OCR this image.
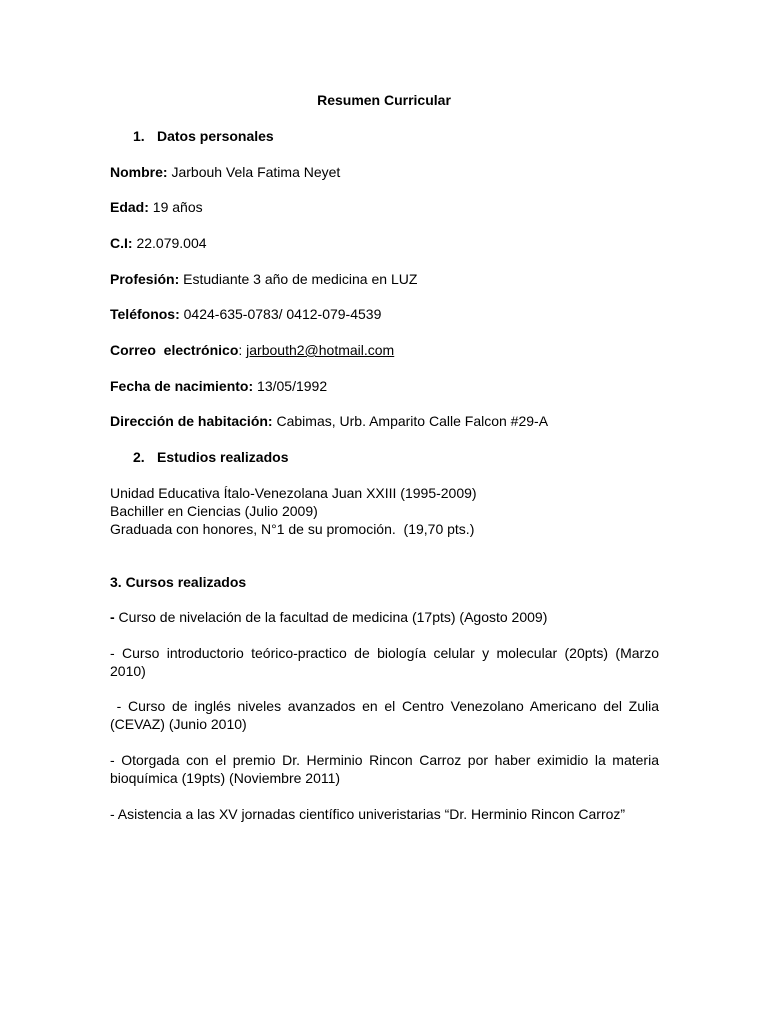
Resumen Curricular
1. Datos personales
Nombre: Jarbouh Vela Fatima Neyet
Edad: 19 años
C.I: 22.079.004
Profesión: Estudiante 3 año de medicina en LUZ
Teléfonos: 0424-635-0783/ 0412-079-4539
Correo  electrónico: jarbouth2@hotmail.com
Fecha de nacimiento: 13/05/1992
Dirección de habitación: Cabimas, Urb. Amparito Calle Falcon #29-A
2. Estudios realizados
Unidad Educativa Ítalo-Venezolana Juan XXIII (1995-2009)
Bachiller en Ciencias (Julio 2009)
Graduada con honores, N°1 de su promoción.  (19,70 pts.)
3. Cursos realizados
- Curso de nivelación de la facultad de medicina (17pts) (Agosto 2009)
- Curso introductorio teórico-practico de biología celular y molecular (20pts) (Marzo 2010)
- Curso de inglés niveles avanzados en el Centro Venezolano Americano del Zulia (CEVAZ) (Junio 2010)
- Otorgada con el premio Dr. Herminio Rincon Carroz por haber eximidio la materia bioquímica (19pts) (Noviembre 2011)
- Asistencia a las XV jornadas científico univeristarias “Dr. Herminio Rincon Carroz”
